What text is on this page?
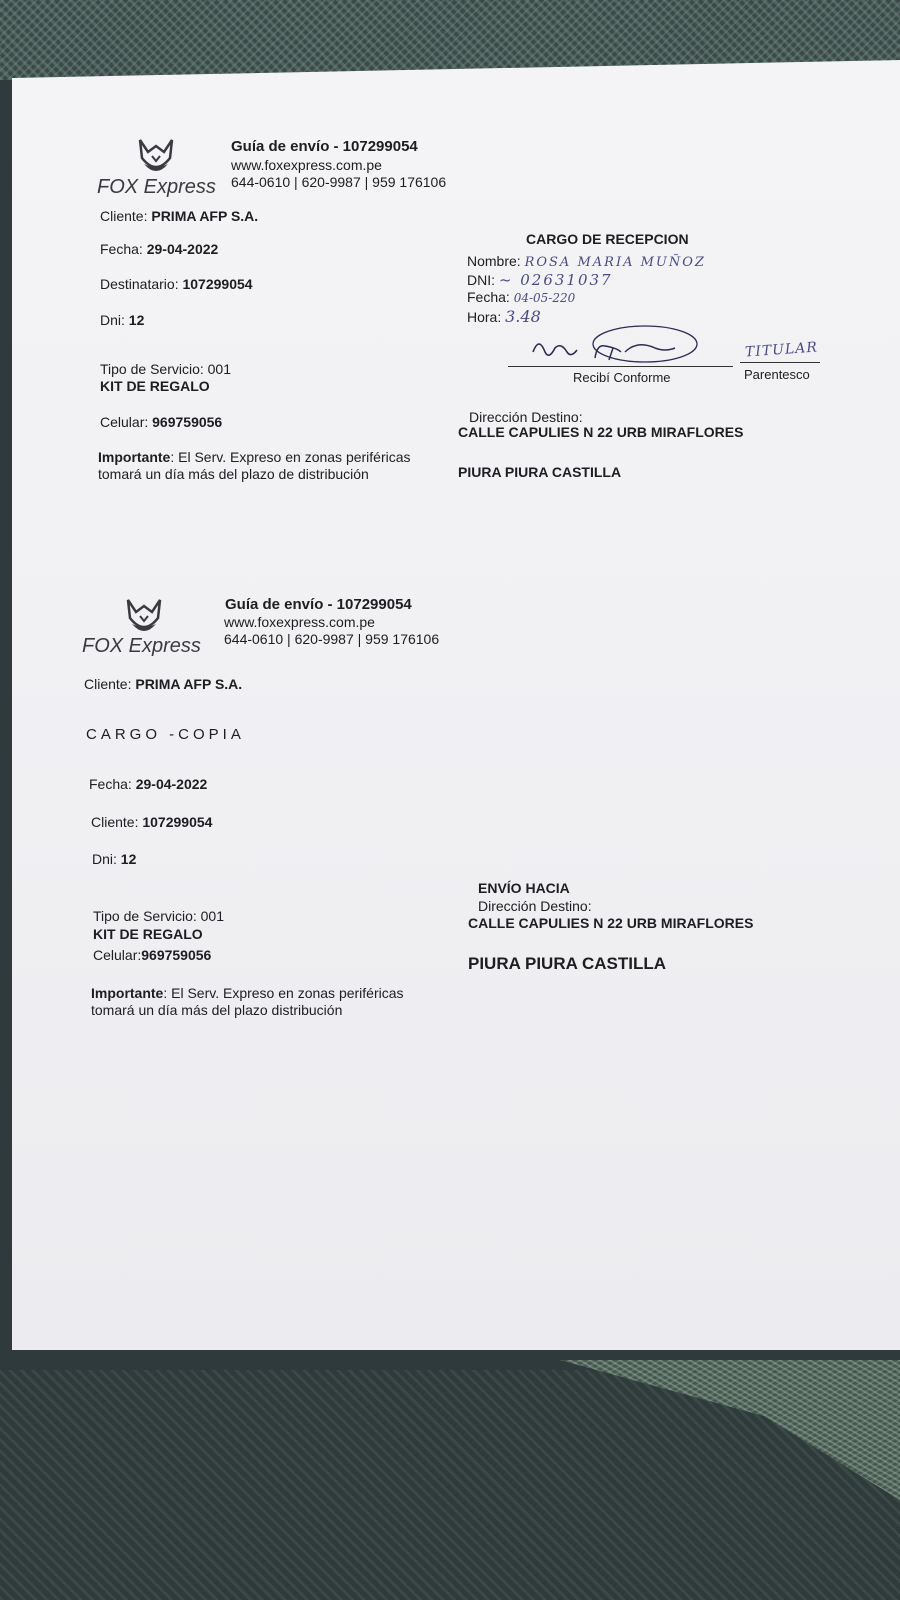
FOX Express
Guía de envío - 107299054
www.foxexpress.com.pe
644-0610 | 620-9987 | 959 176106
Cliente: PRIMA AFP S.A.
Fecha: 29-04-2022
Destinatario: 107299054
Dni: 12
Tipo de Servicio: 001
KIT DE REGALO
Celular: 969759056
Importante: El Serv. Expreso en zonas periféricas
tomará un día más del plazo de distribución
CARGO DE RECEPCION
Nombre: ROSA MARIA MUÑOZ
DNI: ~ 02631037
Fecha: 04-05-220
Hora: 3.48
Recibí Conforme
TITULAR
Parentesco
Dirección Destino:
CALLE CAPULIES N 22 URB MIRAFLORES
PIURA PIURA CASTILLA
FOX Express
Guía de envío - 107299054
www.foxexpress.com.pe
644-0610 | 620-9987 | 959 176106
Cliente: PRIMA AFP S.A.
CARGO -COPIA
Fecha: 29-04-2022
Cliente: 107299054
Dni: 12
Tipo de Servicio: 001
KIT DE REGALO
Celular:969759056
Importante: El Serv. Expreso en zonas periféricas
tomará un día más del plazo distribución
ENVÍO HACIA
Dirección Destino:
CALLE CAPULIES N 22 URB MIRAFLORES
PIURA PIURA CASTILLA
